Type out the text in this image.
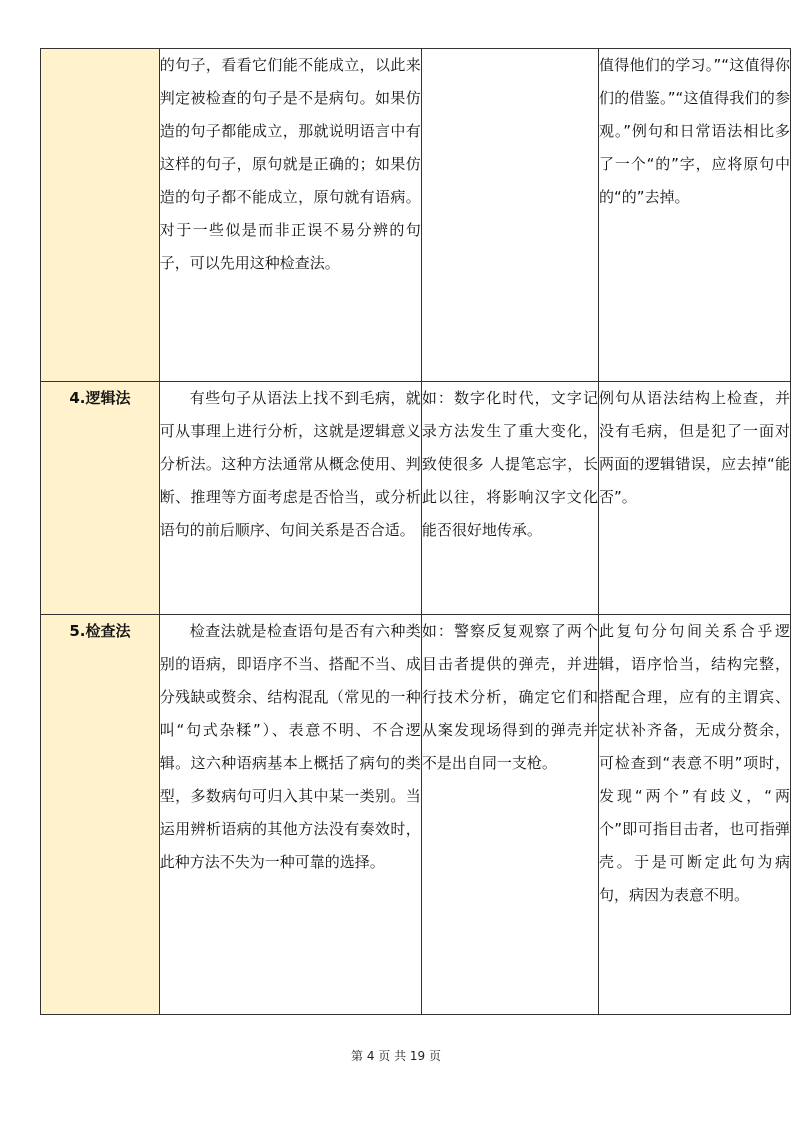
	的句子，看看它们能不能成立，以此来判定被检查的句子是不是病句。如果仿造的句子都能成立，那就说明语言中有这样的句子，原句就是正确的；如果仿造的句子都不能成立，原句就有语病。对于一些似是而非正误不易分辨的句子，可以先用这种检查法。		值得他们的学习。”“这值得你们的借鉴。”“这值得我们的参观。”例句和日常语法相比多了一个“的”字，应将原句中的“的”去掉。
4.逻辑法	有些句子从语法上找不到毛病，就可从事理上进行分析，这就是逻辑意义分析法。这种方法通常从概念使用、判断、推理等方面考虑是否恰当，或分析语句的前后顺序、句间关系是否合适。	如：数字化时代，文字记录方法发生了重大变化，致使很多 人提笔忘字，长此以往，将影响汉字文化能否很好地传承。	例句从语法结构上检查，并没有毛病，但是犯了一面对两面的逻辑错误，应去掉“能否”。
5.检查法	检查法就是检查语句是否有六种类别的语病，即语序不当、搭配不当、成分残缺或赘余、结构混乱（常见的一种叫“句式杂糅”）、表意不明、不合逻辑。这六种语病基本上概括了病句的类型，多数病句可归入其中某一类别。当运用辨析语病的其他方法没有奏效时，此种方法不失为一种可靠的选择。	如：警察反复观察了两个目击者提供的弹壳，并进行技术分析，确定它们和从案发现场得到的弹壳并不是出自同一支枪。	此复句分句间关系合乎逻辑，语序恰当，结构完整，搭配合理，应有的主谓宾、定状补齐备，无成分赘余，可检查到“表意不明”项时，发现“两个”有歧义，“两个”即可指目击者，也可指弹壳。于是可断定此句为病句，病因为表意不明。
第 4 页 共 19 页
